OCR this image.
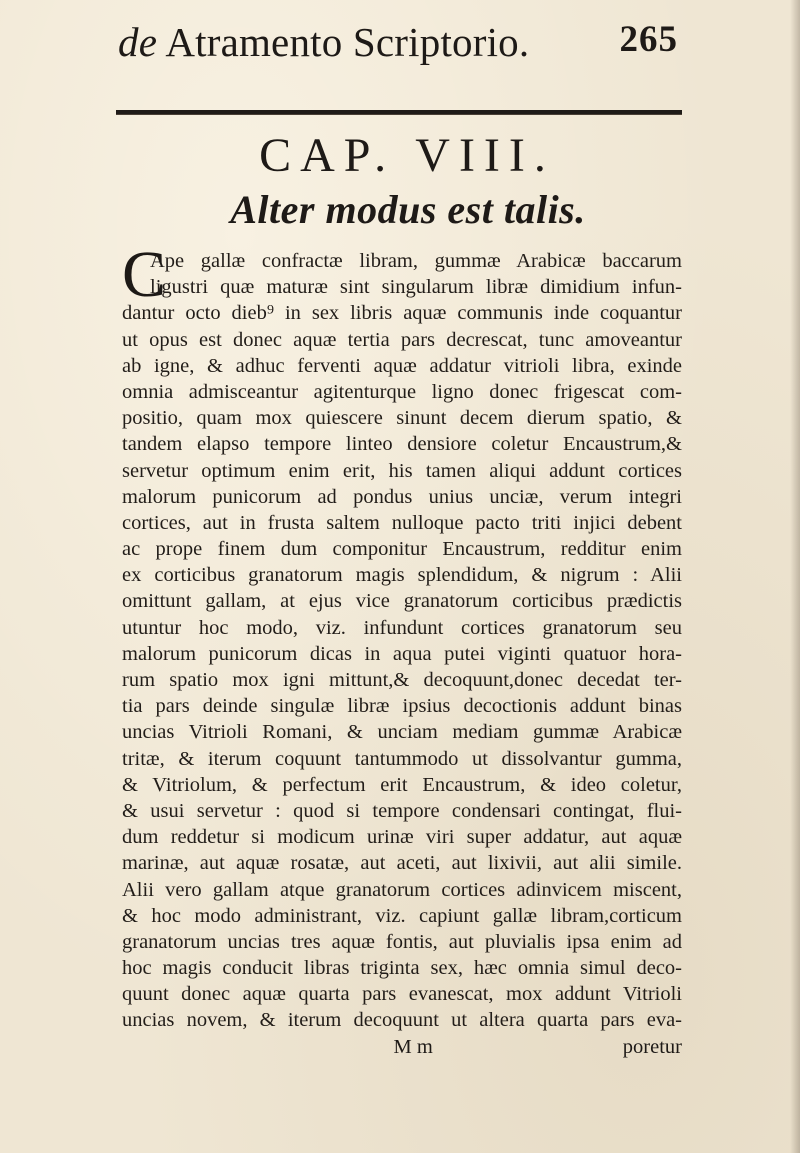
de Atramento Scriptorio. 265
CAP. VIII.
Alter modus est talis.
C
Ape gallæ confractæ libram, gummæ Arabicæ baccarum
ligustri quæ maturæ sint singularum libræ dimidium infun-
dantur octo dieb⁹ in sex libris aquæ communis inde coquantur
ut opus est donec aquæ tertia pars decrescat, tunc amoveantur
ab igne, & adhuc ferventi aquæ addatur vitrioli libra, exinde
omnia admisceantur agitenturque ligno donec frigescat com-
positio, quam mox quiescere sinunt decem dierum spatio, &
tandem elapso tempore linteo densiore coletur Encaustrum,&
servetur optimum enim erit, his tamen aliqui addunt cortices
malorum punicorum ad pondus unius unciæ, verum integri
cortices, aut in frusta saltem nulloque pacto triti injici debent
ac prope finem dum componitur Encaustrum, redditur enim
ex corticibus granatorum magis splendidum, & nigrum : Alii
omittunt gallam, at ejus vice granatorum corticibus prædictis
utuntur hoc modo, viz. infundunt cortices granatorum seu
malorum punicorum dicas in aqua putei viginti quatuor hora-
rum spatio mox igni mittunt,& decoquunt,donec decedat ter-
tia pars deinde singulæ libræ ipsius decoctionis addunt binas
uncias Vitrioli Romani, & unciam mediam gummæ Arabicæ
tritæ, & iterum coquunt tantummodo ut dissolvantur gumma,
& Vitriolum, & perfectum erit Encaustrum, & ideo coletur,
& usui servetur : quod si tempore condensari contingat, flui-
dum reddetur si modicum urinæ viri super addatur, aut aquæ
marinæ, aut aquæ rosatæ, aut aceti, aut lixivii, aut alii simile.
Alii vero gallam atque granatorum cortices adinvicem miscent,
& hoc modo administrant, viz. capiunt gallæ libram,corticum
granatorum uncias tres aquæ fontis, aut pluvialis ipsa enim ad
hoc magis conducit libras triginta sex, hæc omnia simul deco-
quunt donec aquæ quarta pars evanescat, mox addunt Vitrioli
uncias novem, & iterum decoquunt ut altera quarta pars eva-
M m	poretur
